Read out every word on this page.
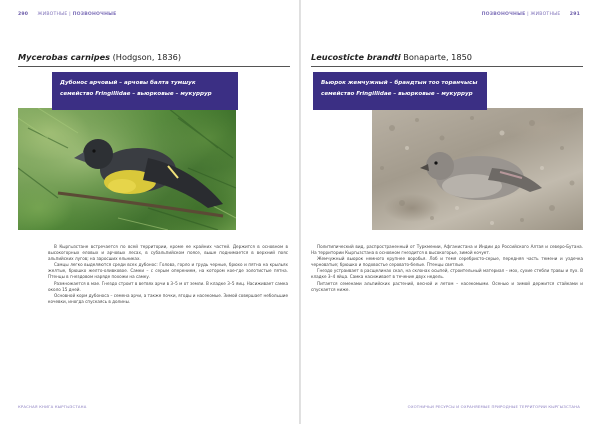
290 ЖИВОТНЫЕ | ПОЗВОНОЧНЫЕ
Mycerobas carnipes (Hodgson, 1836)
Дубонос арчовый – арчовы балта тумшук
семейство Fringillidae – вьюрковые – мукуррур

В Кыргызстане встречается по всей территории, кроме ее крайних частей. Держится в основном в высокогорных еловых и арчовых лесах, в субальпийском поясе, выше поднимается в верхний пояс альпийских лугов; на заросших ельниках.

Самцы легко выделяются среди всех дубонос: Голова, горло и грудь черные, брюхо и пятна на крыльях желтые, брюшко желто-оливковое. Самки – с серым оперением, на котором кое-где золотистые пятна. Птенцы в гнездовом наряде похожи на самку.

Размножается в мае. Гнездо строит в ветвях арчи в 3–5 м от земли. В кладке 3–5 яиц. Насиживает самка около 15 дней.

Основной корм дубоноса – семена арчи, а также почки, ягоды и насекомые. Зимой совершает небольшие кочевки, иногда спускаясь в долины.

КРАСНАЯ КНИГА КЫРГЫЗСТАНА
ПОЗВОНОЧНЫЕ | ЖИВОТНЫЕ 291
Leucosticte brandti Bonaparte, 1850
Вьюрок жемчужный – брандтын тоо торанчысы
семейство Fringillidae – вьюрковые – мукуррур

Политипический вид, распространенный от Туркмении, Афганистана и Индии до Российского Алтая и северо-Бутана. На территории Кыргызстана в основном гнездится в высокогорье, зимой кочует.

Жемчужный вьюрок немного крупнее воробья. Лоб и темя серебристо-серые, передняя часть темени и уздечка черноватые; брюшко и подхвостье серовато-белые. Птенцы светлые.

Гнездо устраивает в расщелинах скал, на склонах осыпей, строительный материал – мох, сухие стебли травы и пух. В кладке 3–4 яйца. Самка насиживает в течение двух недель.

Питается семенами альпийских растений, весной и летом – насекомыми. Осенью и зимой держится стайками и спускается ниже.

ОХОТНИЧЬИ РЕСУРСЫ И ОХРАНЯЕМЫЕ ПРИРОДНЫЕ ТЕРРИТОРИИ КЫРГЫЗСТАНА
